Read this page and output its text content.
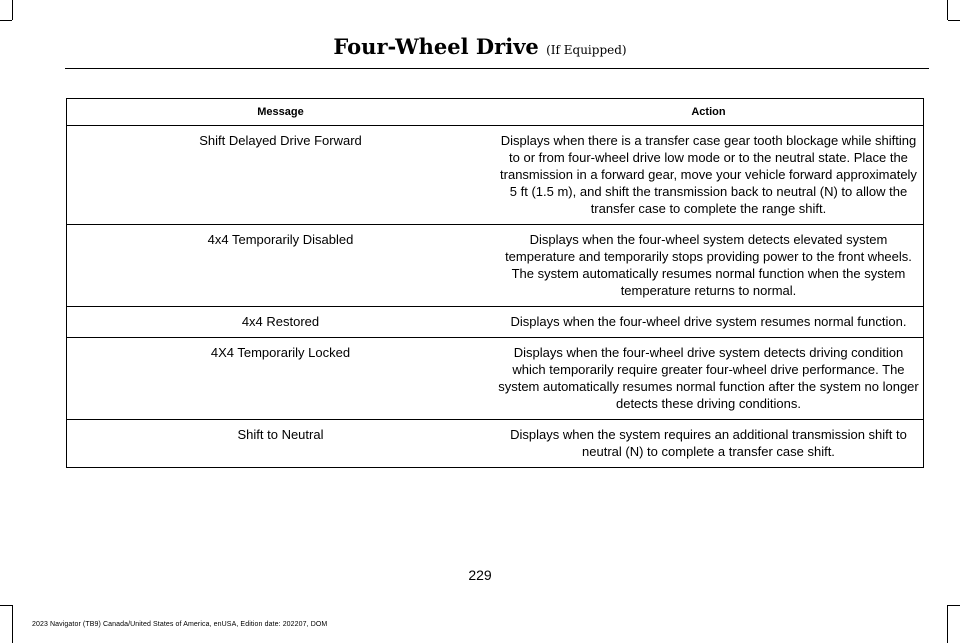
Four-Wheel Drive (If Equipped)
Message	Action
Shift Delayed Drive Forward	Displays when there is a transfer case gear tooth blockage while shifting to or from four-wheel drive low mode or to the neutral state. Place the transmission in a forward gear, move your vehicle forward approximately 5 ft (1.5 m), and shift the transmission back to neutral (N) to allow the transfer case to complete the range shift.
4x4 Temporarily Disabled	Displays when the four-wheel system detects elevated system temperature and temporarily stops providing power to the front wheels. The system automatically resumes normal function when the system temperature returns to normal.
4x4 Restored	Displays when the four-wheel drive system resumes normal function.
4X4 Temporarily Locked	Displays when the four-wheel drive system detects driving condition which temporarily require greater four-wheel drive performance. The system automatically resumes normal function after the system no longer detects these driving conditions.
Shift to Neutral	Displays when the system requires an additional transmission shift to neutral (N) to complete a transfer case shift.
229
2023 Navigator (TB9) Canada/United States of America, enUSA, Edition date: 202207, DOM
